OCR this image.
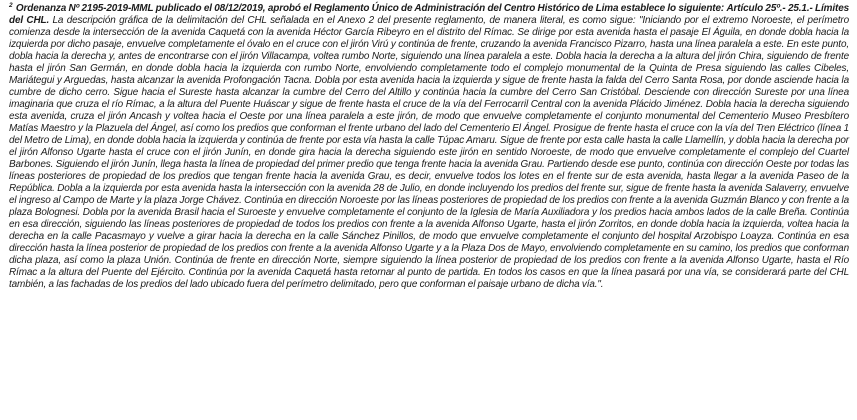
$^2$ Ordenanza Nº 2195-2019-MML publicado el 08/12/2019, aprobó el Reglamento Único de Administración del Centro Histórico de Lima establece lo siguiente: Artículo 25º.- 25.1.- Límites del CHL. La descripción gráfica de la delimitación del CHL señalada en el Anexo 2 del presente reglamento, de manera literal, es como sigue: "Iniciando por el extremo Noroeste, el perímetro comienza desde la intersección de la avenida Caquetá con la avenida Héctor García Ribeyro en el distrito del Rímac. Se dirige por esta avenida hasta el pasaje El Águila, en donde dobla hacia la izquierda por dicho pasaje, envuelve completamente el óvalo en el cruce con el jirón Virú y continúa de frente, cruzando la avenida Francisco Pizarro, hasta una línea paralela a este. En este punto, dobla hacia la derecha y, antes de encontrarse con el jirón Villacampa, voltea rumbo Norte, siguiendo una línea paralela a este. Dobla hacia la derecha a la altura del jirón Chira, siguiendo de frente hasta el jirón San Germán, en donde dobla hacia la izquierda con rumbo Norte, envolviendo completamente todo el complejo monumental de la Quinta de Presa siguiendo las calles Cibeles, Mariátegui y Arguedas, hasta alcanzar la avenida Profongación Tacna. Dobla por esta avenida hacia la izquierda y sigue de frente hasta la falda del Cerro Santa Rosa, por donde asciende hacia la cumbre de dicho cerro. Sigue hacia el Sureste hasta alcanzar la cumbre del Cerro del Altillo y continúa hacia la cumbre del Cerro San Cristóbal. Desciende con dirección Sureste por una línea imaginaria que cruza el río Rímac, a la altura del Puente Huáscar y sigue de frente hasta el cruce de la vía del Ferrocarril Central con la avenida Plácido Jiménez. Dobla hacia la derecha siguiendo esta avenida, cruza el jirón Ancash y voltea hacia el Oeste por una línea paralela a este jirón, de modo que envuelve completamente el conjunto monumental del Cementerio Museo Presbítero Matías Maestro y la Plazuela del Ángel, así como los predios que conforman el frente urbano del lado del Cementerio El Ángel. Prosigue de frente hasta el cruce con la vía del Tren Eléctrico (línea 1 del Metro de Lima), en donde dobla hacia la izquierda y continúa de frente por esta vía hasta la calle Túpac Amaru. Sigue de frente por esta calle hasta la calle Llamellín, y dobla hacia la derecha por el jirón Alfonso Ugarte hasta el cruce con el jirón Junín, en donde gira hacia la derecha siguiendo este jirón en sentido Noroeste, de modo que envuelve completamente el complejo del Cuartel Barbones. Siguiendo el jirón Junín, llega hasta la línea de propiedad del primer predio que tenga frente hacia la avenida Grau. Partiendo desde ese punto, continúa con dirección Oeste por todas las líneas posteriores de propiedad de los predios que tengan frente hacia la avenida Grau, es decir, envuelve todos los lotes en el frente sur de esta avenida, hasta llegar a la avenida Paseo de la República. Dobla a la izquierda por esta avenida hasta la intersección con la avenida 28 de Julio, en donde incluyendo los predios del frente sur, sigue de frente hasta la avenida Salaverry, envuelve el ingreso al Campo de Marte y la plaza Jorge Chávez. Continúa en dirección Noroeste por las líneas posteriores de propiedad de los predios con frente a la avenida Guzmán Blanco y con frente a la plaza Bolognesi. Dobla por la avenida Brasil hacia el Suroeste y envuelve completamente el conjunto de la Iglesia de María Auxiliadora y los predios hacia ambos lados de la calle Breña. Continúa en esa dirección, siguiendo las líneas posteriores de propiedad de todos los predios con frente a la avenida Alfonso Ugarte, hasta el jirón Zorritos, en donde dobla hacia la izquierda, voltea hacia la derecha en la calle Pacasmayo y vuelve a girar hacia la derecha en la calle Sánchez Pinillos, de modo que envuelve completamente el conjunto del hospital Arzobispo Loayza. Continúa en esa dirección hasta la línea posterior de propiedad de los predios con frente a la avenida Alfonso Ugarte y a la Plaza Dos de Mayo, envolviendo completamente en su camino, los predios que conforman dicha plaza, así como la plaza Unión. Continúa de frente en dirección Norte, siempre siguiendo la línea posterior de propiedad de los predios con frente a la avenida Alfonso Ugarte, hasta el Río Rímac a la altura del Puente del Ejército. Continúa por la avenida Caquetá hasta retornar al punto de partida. En todos los casos en que la línea pasará por una vía, se considerará parte del CHL también, a las fachadas de los predios del lado ubicado fuera del perímetro delimitado, pero que conforman el paisaje urbano de dicha vía.".
